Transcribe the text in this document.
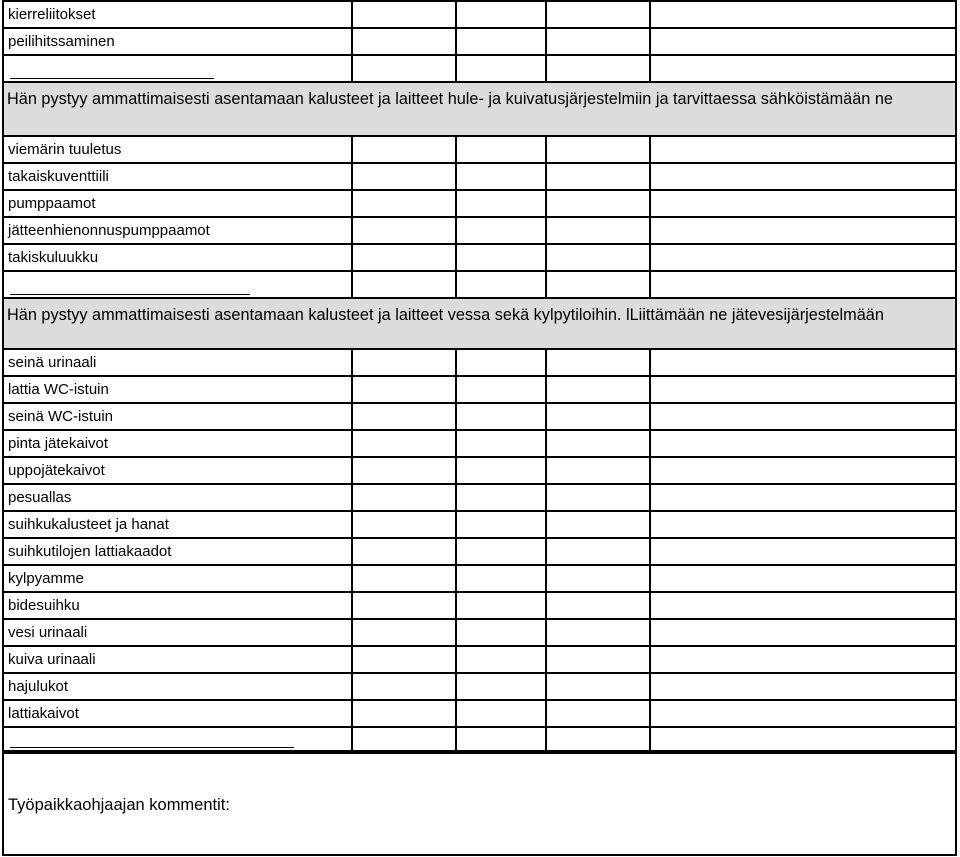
kierreliitokset
peilihitssaminen
Hän pystyy ammattimaisesti asentamaan kalusteet ja laitteet hule- ja kuivatusjärjestelmiin ja tarvittaessa sähköistämään ne
viemärin tuuletus
takaiskuventtiili
pumppaamot
jätteenhienonnuspumppaamot
takiskuluukku
Hän pystyy ammattimaisesti asentamaan kalusteet ja laitteet vessa sekä kylpytiloihin. lLiittämään ne jätevesijärjestelmään
seinä urinaali
lattia WC-istuin
seinä WC-istuin
pinta jätekaivot
uppojätekaivot
pesuallas
suihkukalusteet ja hanat
suihkutilojen lattiakaadot
kylpyamme
bidesuihku
vesi urinaali
kuiva urinaali
hajulukot
lattiakaivot
Työpaikkaohjaajan kommentit:
